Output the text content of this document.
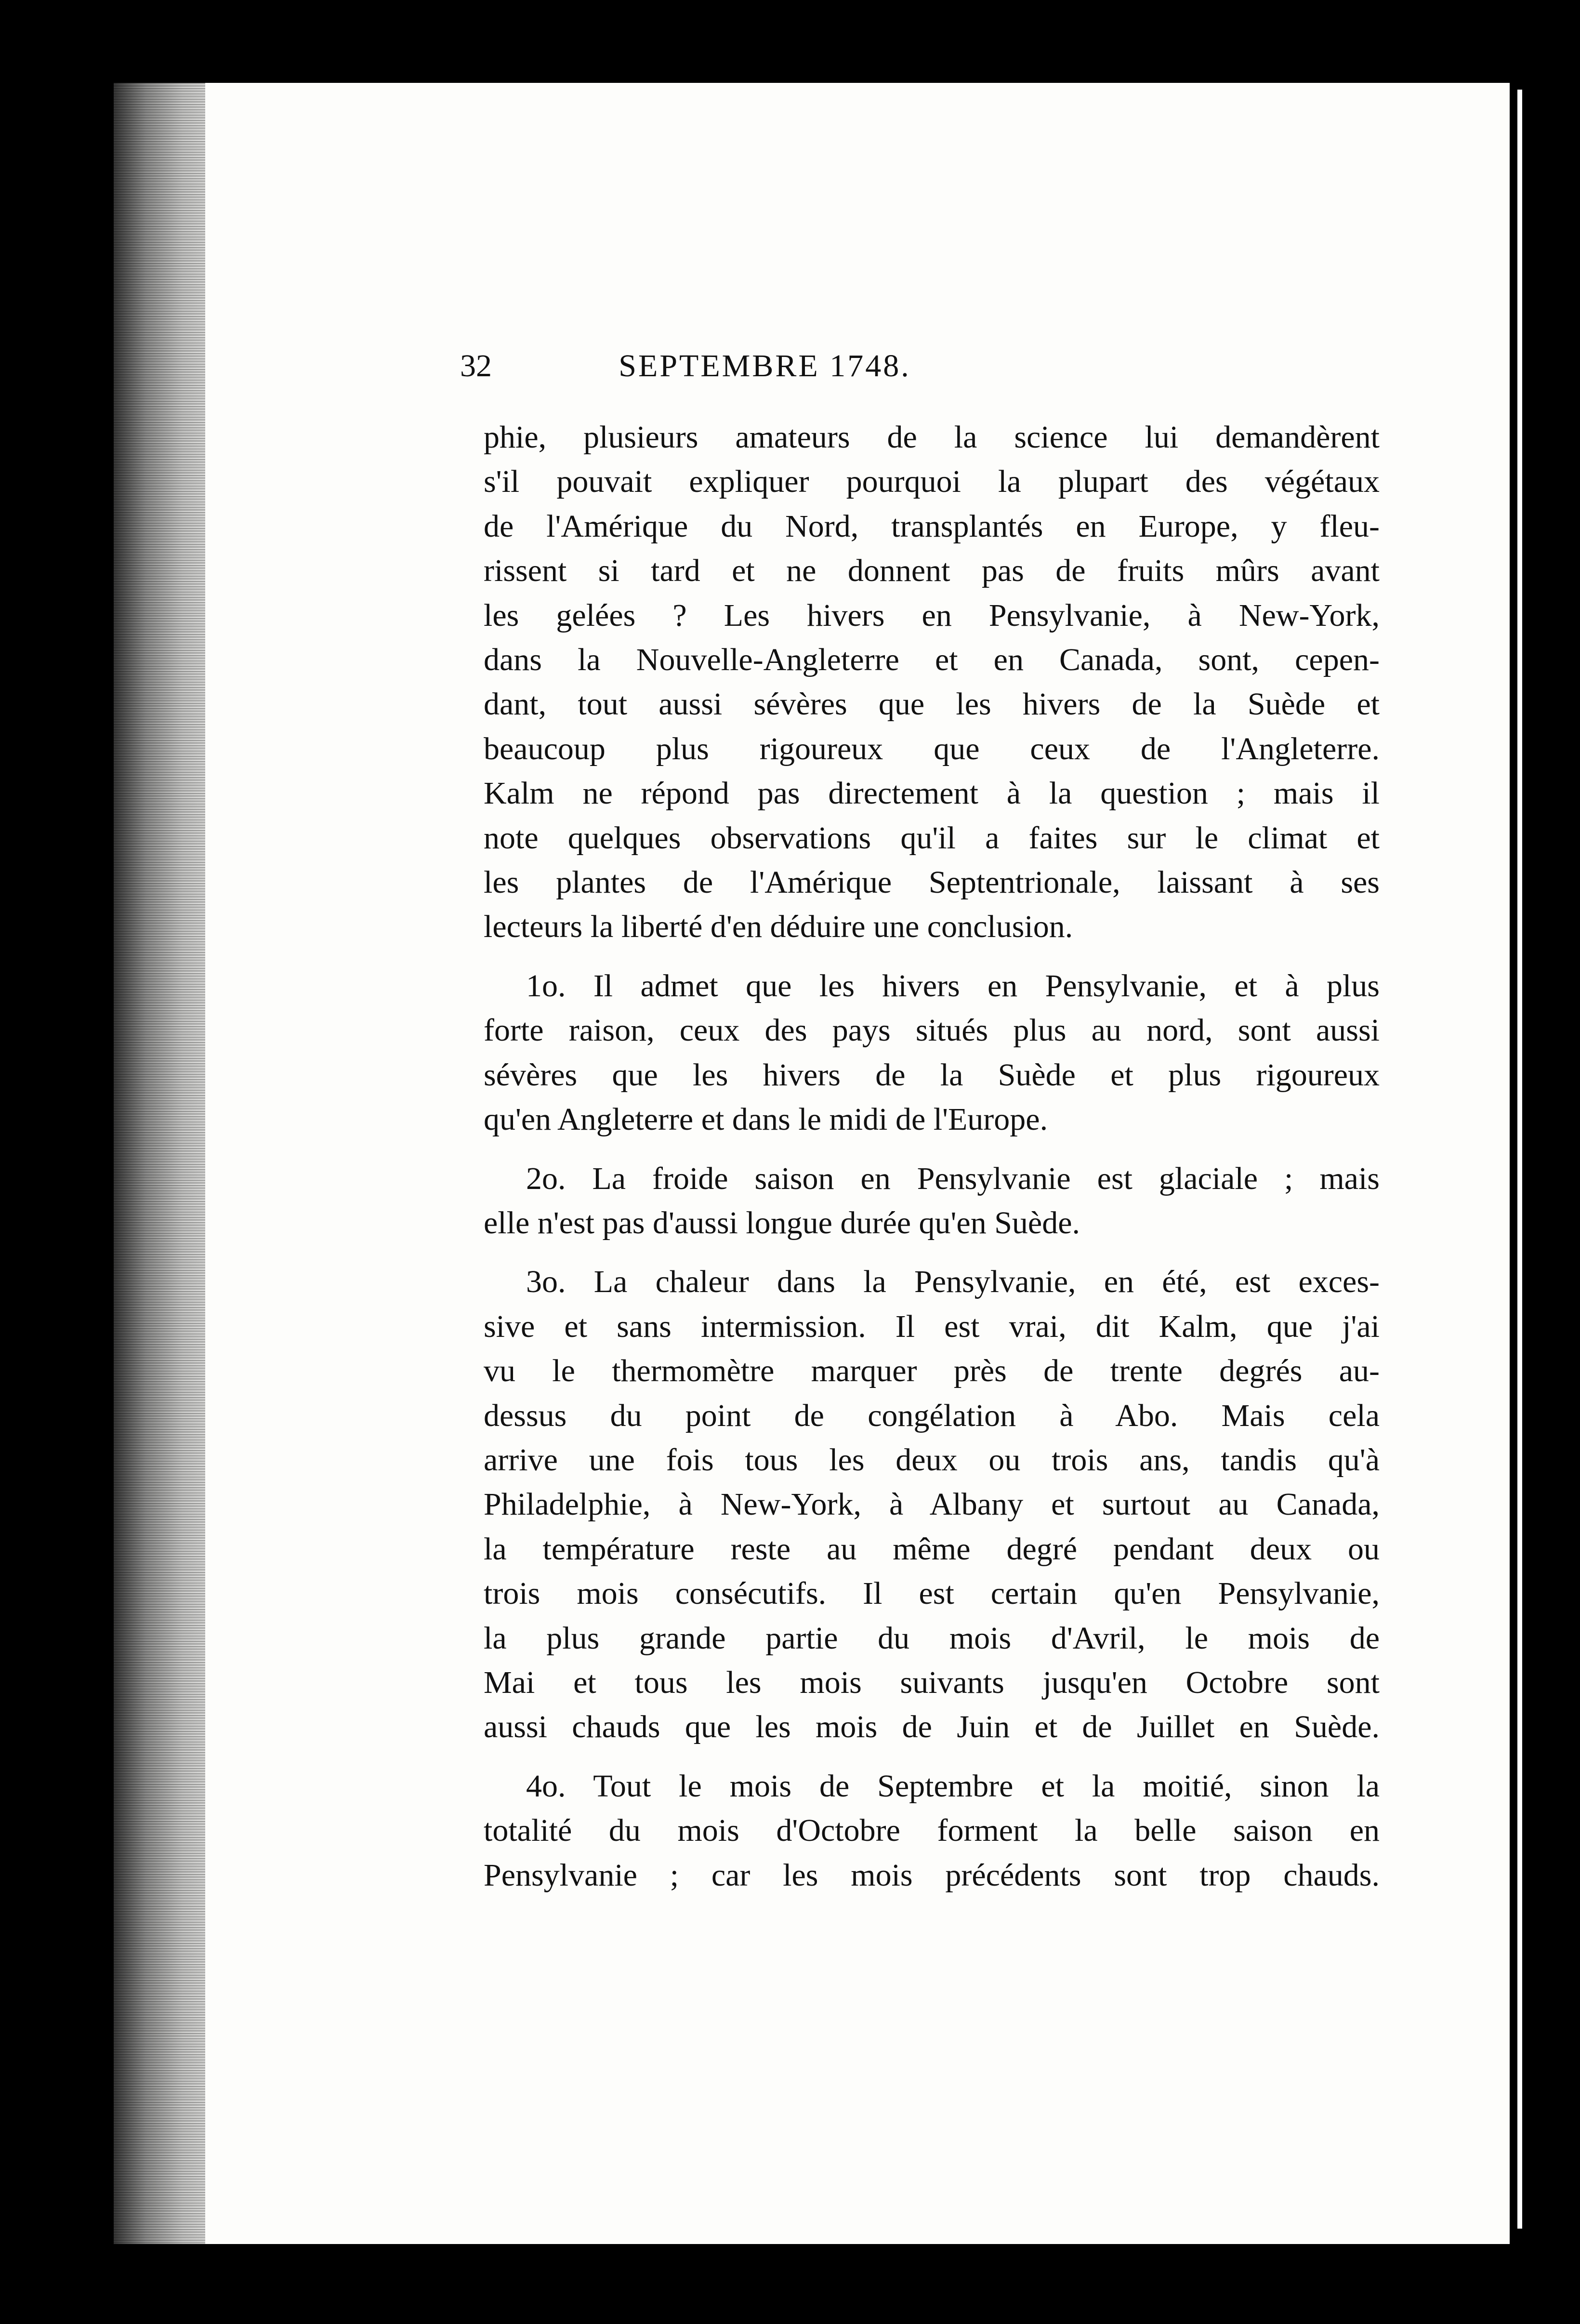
32	SEPTEMBRE 1748.
phie, plusieurs amateurs de la science lui demandèrent
s'il pouvait expliquer pourquoi la plupart des végétaux
de l'Amérique du Nord, transplantés en Europe, y fleu-
rissent si tard et ne donnent pas de fruits mûrs avant
les gelées ? Les hivers en Pensylvanie, à New-York,
dans la Nouvelle-Angleterre et en Canada, sont, cepen-
dant, tout aussi sévères que les hivers de la Suède et
beaucoup plus rigoureux que ceux de l'Angleterre.
Kalm ne répond pas directement à la question ; mais il
note quelques observations qu'il a faites sur le climat et
les plantes de l'Amérique Septentrionale, laissant à ses
lecteurs la liberté d'en déduire une conclusion.
1o. Il admet que les hivers en Pensylvanie, et à plus
forte raison, ceux des pays situés plus au nord, sont aussi
sévères que les hivers de la Suède et plus rigoureux
qu'en Angleterre et dans le midi de l'Europe.
2o. La froide saison en Pensylvanie est glaciale ; mais
elle n'est pas d'aussi longue durée qu'en Suède.
3o. La chaleur dans la Pensylvanie, en été, est exces-
sive et sans intermission. Il est vrai, dit Kalm, que j'ai
vu le thermomètre marquer près de trente degrés au-
dessus du point de congélation à Abo. Mais cela
arrive une fois tous les deux ou trois ans, tandis qu'à
Philadelphie, à New-York, à Albany et surtout au Canada,
la température reste au même degré pendant deux ou
trois mois consécutifs. Il est certain qu'en Pensylvanie,
la plus grande partie du mois d'Avril, le mois de
Mai et tous les mois suivants jusqu'en Octobre sont
aussi chauds que les mois de Juin et de Juillet en Suède.
4o. Tout le mois de Septembre et la moitié, sinon la
totalité du mois d'Octobre forment la belle saison en
Pensylvanie ; car les mois précédents sont trop chauds.
